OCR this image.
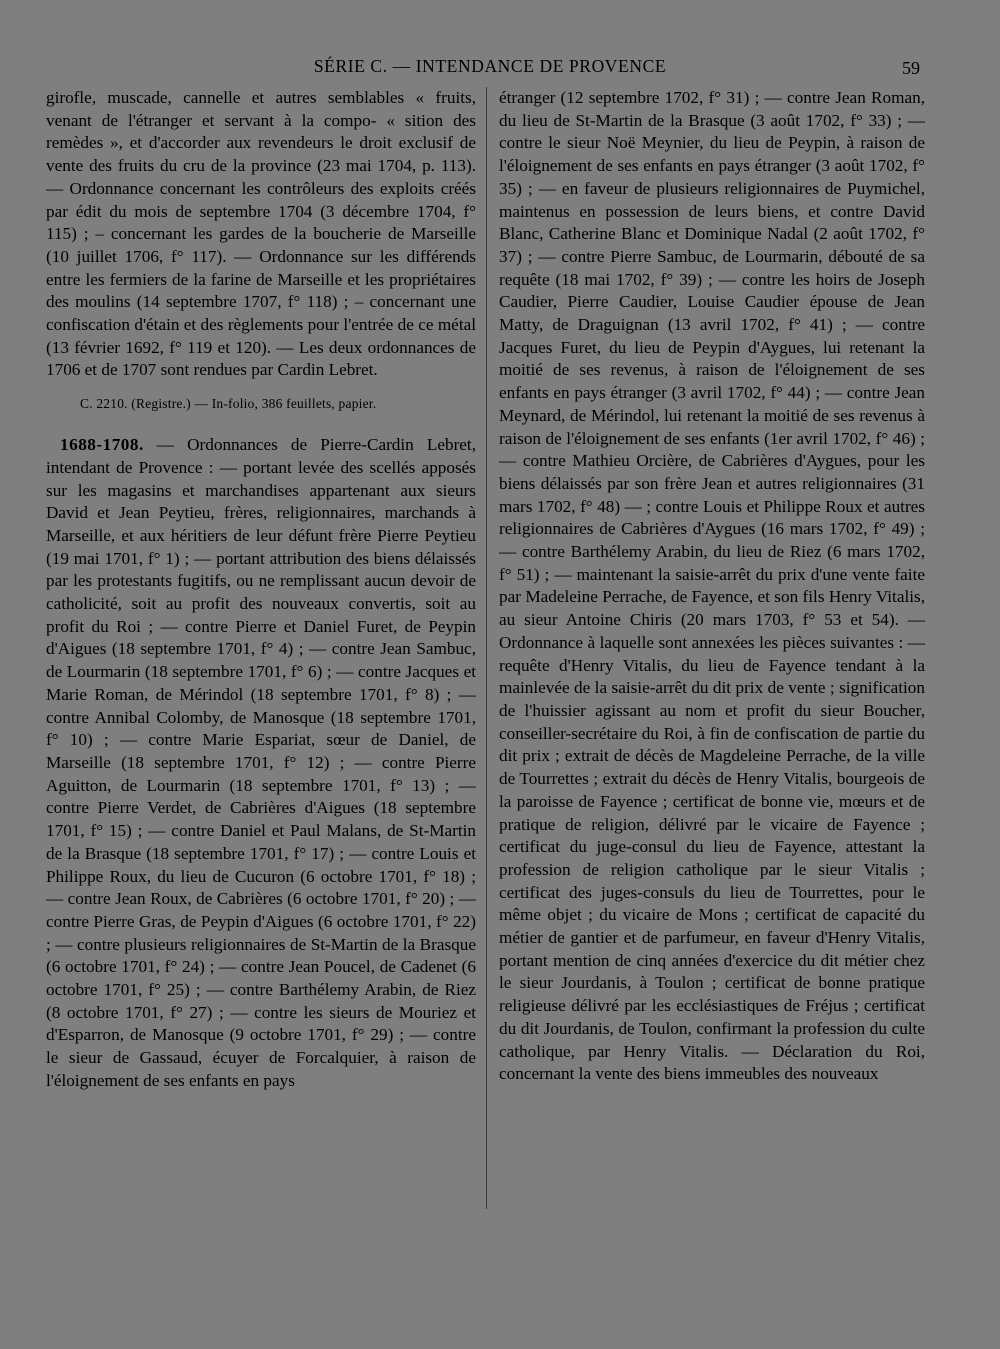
SÉRIE C. — INTENDANCE DE PROVENCE	59

girofle, muscade, cannelle et autres semblables « fruits, venant de l'étranger et servant à la compo- « sition des remèdes », et d'accorder aux revendeurs le droit exclusif de vente des fruits du cru de la province (23 mai 1704, p. 113). — Ordonnance concernant les contrôleurs des exploits créés par édit du mois de septembre 1704 (3 décembre 1704, f° 115) ; – concernant les gardes de la boucherie de Marseille (10 juillet 1706, f° 117). — Ordonnance sur les différends entre les fermiers de la farine de Marseille et les propriétaires des moulins (14 septembre 1707, f° 118) ; – concernant une confiscation d'étain et des règlements pour l'entrée de ce métal (13 février 1692, f° 119 et 120). — Les deux ordonnances de 1706 et de 1707 sont rendues par Cardin Lebret.

C. 2210. (Registre.) — In-folio, 386 feuillets, papier.

1688-1708. — Ordonnances de Pierre-Cardin Lebret, intendant de Provence : — portant levée des scellés apposés sur les magasins et marchandises appartenant aux sieurs David et Jean Peytieu, frères, religionnaires, marchands à Marseille, et aux héritiers de leur défunt frère Pierre Peytieu (19 mai 1701, f° 1) ; — portant attribution des biens délaissés par les protestants fugitifs, ou ne remplissant aucun devoir de catholicité, soit au profit des nouveaux convertis, soit au profit du Roi ; — contre Pierre et Daniel Furet, de Peypin d'Aigues (18 septembre 1701, f° 4) ; — contre Jean Sambuc, de Lourmarin (18 septembre 1701, f° 6) ; — contre Jacques et Marie Roman, de Mérindol (18 septembre 1701, f° 8) ; — contre Annibal Colomby, de Manosque (18 septembre 1701, f° 10) ; — contre Marie Espariat, sœur de Daniel, de Marseille (18 septembre 1701, f° 12) ; — contre Pierre Aguitton, de Lourmarin (18 septembre 1701, f° 13) ; — contre Pierre Verdet, de Cabrières d'Aigues (18 septembre 1701, f° 15) ; — contre Daniel et Paul Malans, de St-Martin de la Brasque (18 septembre 1701, f° 17) ; — contre Louis et Philippe Roux, du lieu de Cucuron (6 octobre 1701, f° 18) ; — contre Jean Roux, de Cabrières (6 octobre 1701, f° 20) ; — contre Pierre Gras, de Peypin d'Aigues (6 octobre 1701, f° 22) ; — contre plusieurs religionnaires de St-Martin de la Brasque (6 octobre 1701, f° 24) ; — contre Jean Poucel, de Cadenet (6 octobre 1701, f° 25) ; — contre Barthélemy Arabin, de Riez (8 octobre 1701, f° 27) ; — contre les sieurs de Mouriez et d'Esparron, de Manosque (9 octobre 1701, f° 29) ; — contre le sieur de Gassaud, écuyer de Forcalquier, à raison de l'éloignement de ses enfants en pays

étranger (12 septembre 1702, f° 31) ; — contre Jean Roman, du lieu de St-Martin de la Brasque (3 août 1702, f° 33) ; — contre le sieur Noë Meynier, du lieu de Peypin, à raison de l'éloignement de ses enfants en pays étranger (3 août 1702, f° 35) ; — en faveur de plusieurs religionnaires de Puymichel, maintenus en possession de leurs biens, et contre David Blanc, Catherine Blanc et Dominique Nadal (2 août 1702, f° 37) ; — contre Pierre Sambuc, de Lourmarin, débouté de sa requête (18 mai 1702, f° 39) ; — contre les hoirs de Joseph Caudier, Pierre Caudier, Louise Caudier épouse de Jean Matty, de Draguignan (13 avril 1702, f° 41) ; — contre Jacques Furet, du lieu de Peypin d'Aygues, lui retenant la moitié de ses revenus, à raison de l'éloignement de ses enfants en pays étranger (3 avril 1702, f° 44) ; — contre Jean Meynard, de Mérindol, lui retenant la moitié de ses revenus à raison de l'éloignement de ses enfants (1er avril 1702, f° 46) ; — contre Mathieu Orcière, de Cabrières d'Aygues, pour les biens délaissés par son frère Jean et autres religionnaires (31 mars 1702, f° 48) — ; contre Louis et Philippe Roux et autres religionnaires de Cabrières d'Aygues (16 mars 1702, f° 49) ; — contre Barthélemy Arabin, du lieu de Riez (6 mars 1702, f° 51) ; — maintenant la saisie-arrêt du prix d'une vente faite par Madeleine Perrache, de Fayence, et son fils Henry Vitalis, au sieur Antoine Chiris (20 mars 1703, f° 53 et 54). — Ordonnance à laquelle sont annexées les pièces suivantes : — requête d'Henry Vitalis, du lieu de Fayence tendant à la mainlevée de la saisie-arrêt du dit prix de vente ; signification de l'huissier agissant au nom et profit du sieur Boucher, conseiller-secrétaire du Roi, à fin de confiscation de partie du dit prix ; extrait de décès de Magdeleine Perrache, de la ville de Tourrettes ; extrait du décès de Henry Vitalis, bourgeois de la paroisse de Fayence ; certificat de bonne vie, mœurs et de pratique de religion, délivré par le vicaire de Fayence ; certificat du juge-consul du lieu de Fayence, attestant la profession de religion catholique par le sieur Vitalis ; certificat des juges-consuls du lieu de Tourrettes, pour le même objet ; du vicaire de Mons ; certificat de capacité du métier de gantier et de parfumeur, en faveur d'Henry Vitalis, portant mention de cinq années d'exercice du dit métier chez le sieur Jourdanis, à Toulon ; certificat de bonne pratique religieuse délivré par les ecclésiastiques de Fréjus ; certificat du dit Jourdanis, de Toulon, confirmant la profession du culte catholique, par Henry Vitalis. — Déclaration du Roi, concernant la vente des biens immeubles des nouveaux
